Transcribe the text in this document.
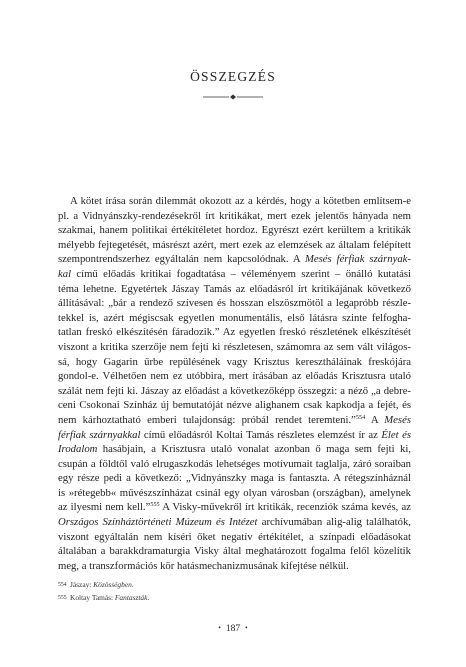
ÖSSZEGZÉS
A kötet írása során dilemmát okozott az a kérdés, hogy a kötetben említsem-e
pl. a Vidnyánszky-rendezésekről írt kritikákat, mert ezek jelentős hányada nem
szakmai, hanem politikai értékítéletet hordoz. Egyrészt ezért kerültem a kritikák
mélyebb fejtegetését, másrészt azért, mert ezek az elemzések az általam felépített
szempontrendszerhez egyáltalán nem kapcsolódnak. A Mesés férfiak szárnyak-
kal című előadás kritikai fogadtatása – véleményem szerint – önálló kutatási
téma lehetne. Egyetértek Jászay Tamás az előadásról írt kritikájának következő
állításával: „bár a rendező szívesen és hosszan elszöszmötöl a legapróbb részle-
tekkel is, azért mégiscsak egyetlen monumentális, első látásra szinte felfogha-
tatlan freskó elkészítésén fáradozik.” Az egyetlen freskó részletének elkészítését
viszont a kritika szerzője nem fejti ki részletesen, számomra az sem vált világos-
sá, hogy Gagarin űrbe repülésének vagy Krisztus keresztháláinak freskójára
gondol-e. Vélhetően nem ez utóbbira, mert írásában az előadás Krisztusra utaló
szálát nem fejti ki. Jászay az előadást a következőképp összegzi: a néző „a debre-
ceni Csokonai Színház új bemutatóját nézve alighanem csak kapkodja a fejét, és
nem kárhoztatható emberi tulajdonság: próbál rendet teremteni.”$^{554}$ A Mesés
férfiak szárnyakkal című előadásról Koltai Tamás részletes elemzést ír az Élet és
Irodalom hasábjain, a Krisztusra utaló vonalat azonban ő maga sem fejti ki,
csupán a földtől való elrugaszkodás lehetséges motívumait taglalja, záró soraiban
egy része pedi a következő: „Vidnyánszky maga is fantaszta. A rétegszínháznál
is »rétegebb« művészszínházat csinál egy olyan városban (országban), amelynek
az ilyesmi nem kell.”$^{555}$ A Visky-művekről írt kritikák, recenziók száma kevés, az
Országos Színháztörténeti Múzeum és Intézet archívumában alig-alig találhatók,
viszont egyáltalán nem kíséri őket negatív értékítélet, a színpadi előadásokat
általában a barakkdramaturgia Visky által meghatározott fogalma felől közelítik
meg, a transzformációs kör hatásmechanizmusának kifejtése nélkül.
554 Jászay: Közösségben.
555 Koltay Tamás: Fantaszták.
• 187 •
